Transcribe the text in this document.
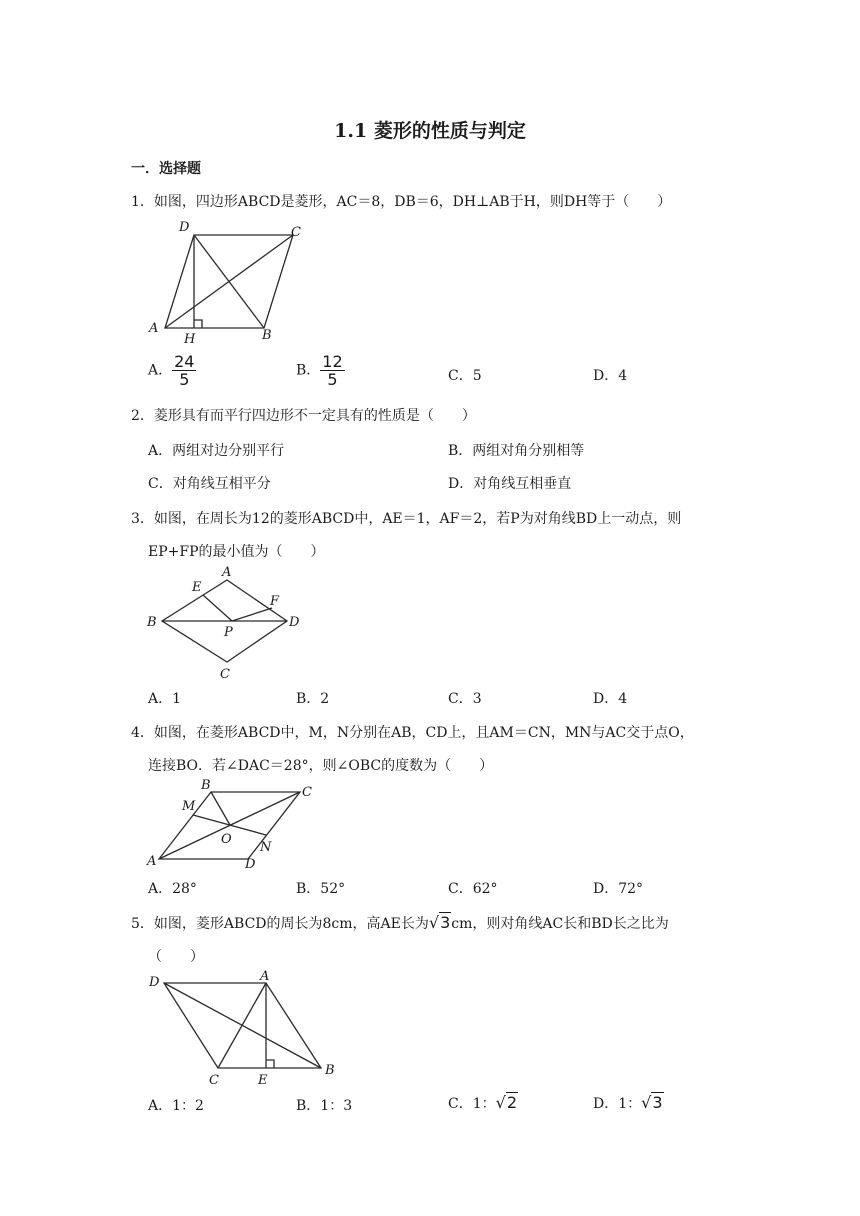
1.1 菱形的性质与判定
一．选择题
1．如图，四边形ABCD是菱形，AC＝8，DB＝6，DH⊥AB于H，则DH等于（　　）
D	C
A
H	B
A． $\frac{24}{5}$	B． $\frac{12}{5}$	C．5	D．4
2．菱形具有而平行四边形不一定具有的性质是（　　）
A．两组对边分别平行	B．两组对角分别相等
C．对角线互相平分	D．对角线互相垂直
3．如图，在周长为12的菱形ABCD中，AE＝1，AF＝2，若P为对角线BD上一动点，则
EP+FP的最小值为（　　）
A
E
F
B
P
D
C
A．1	B．2	C．3	D．4
4．如图，在菱形ABCD中，M，N分别在AB，CD上，且AM＝CN，MN与AC交于点O，
连接BO．若∠DAC＝28°，则∠OBC的度数为（　　）
B	C
M
O
N
A	D
A．28°	B．52°	C．62°	D．72°
5．如图，菱形ABCD的周长为8cm，高AE长为√3cm，则对角线AC长和BD长之比为
（　　）
D	A
C	E
B
A．1：2	B．1：3	C．1：√2	D．1：√3
